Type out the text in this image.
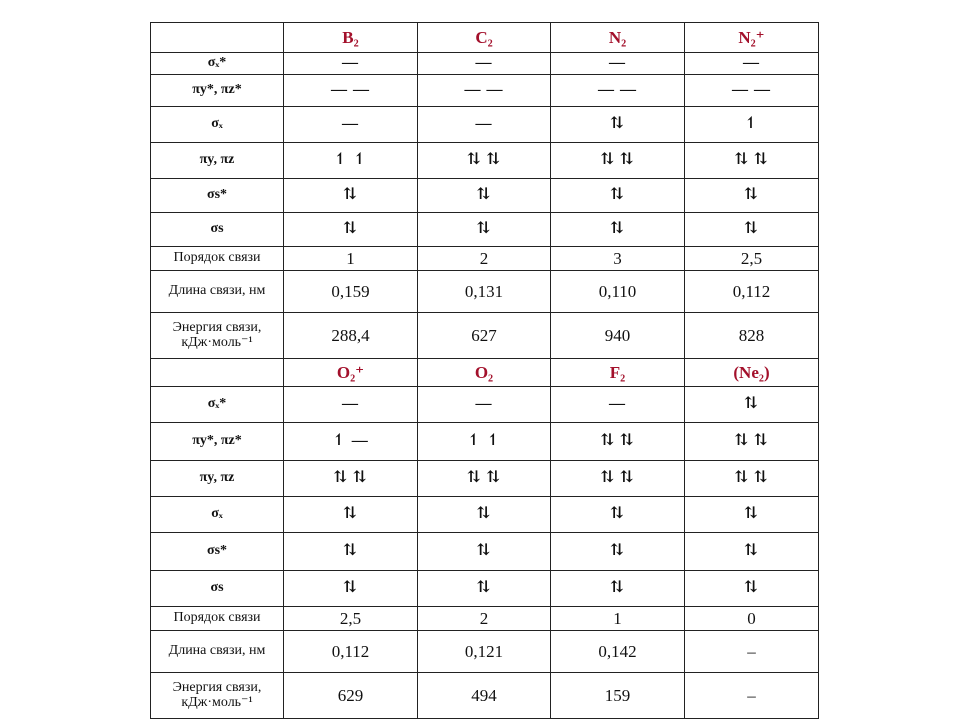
	B₂	C₂	N₂	N₂⁺
σₓ*	—	—	—	—
πy*, πz*	— —	— —	— —	— —
σₓ	—	—	⇅	↿
πy, πz	↿ ↿	⇅ ⇅	⇅ ⇅	⇅ ⇅
σs*	⇅	⇅	⇅	⇅
σs	⇅	⇅	⇅	⇅
Порядок связи	1	2	3	2,5
Длина связи, нм	0,159	0,131	0,110	0,112
Энергия связи, кДж·моль⁻¹	288,4	627	940	828
	O₂⁺	O₂	F₂	(Ne₂)
σₓ*	—	—	—	⇅
πy*, πz*	↿ —	↿ ↿	⇅ ⇅	⇅ ⇅
πy, πz	⇅ ⇅	⇅ ⇅	⇅ ⇅	⇅ ⇅
σₓ	⇅	⇅	⇅	⇅
σs*	⇅	⇅	⇅	⇅
σs	⇅	⇅	⇅	⇅
Порядок связи	2,5	2	1	0
Длина связи, нм	0,112	0,121	0,142	–
Энергия связи, кДж·моль⁻¹	629	494	159	–
